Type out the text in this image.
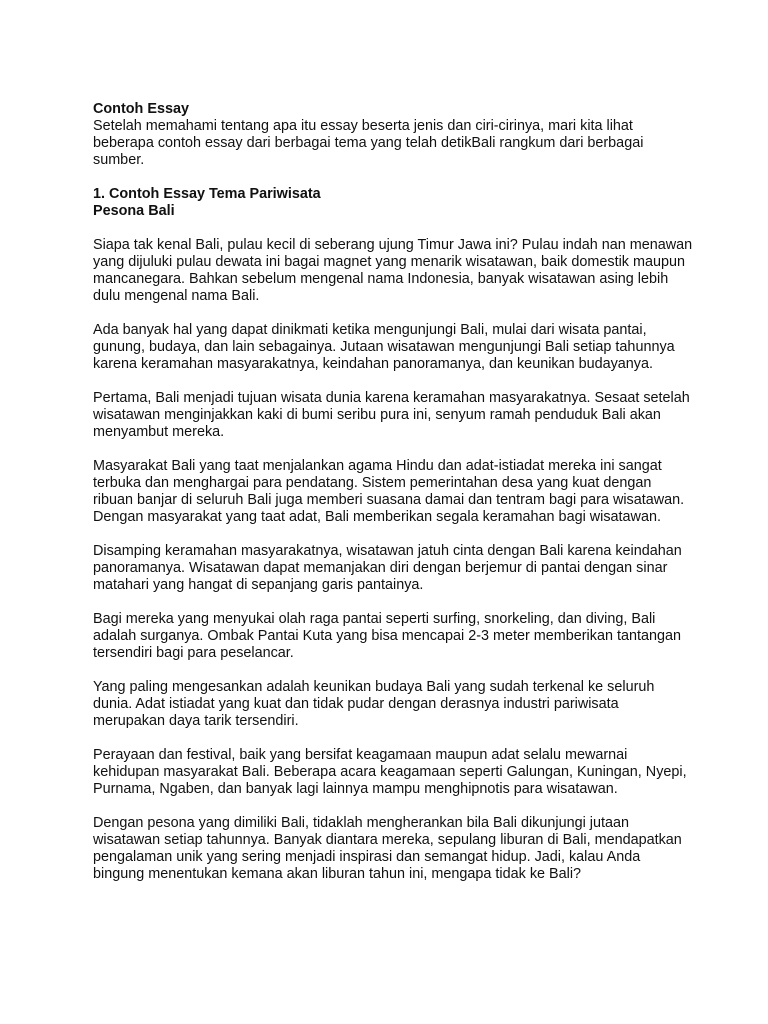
Contoh Essay

Setelah memahami tentang apa itu essay beserta jenis dan ciri-cirinya, mari kita lihat beberapa contoh essay dari berbagai tema yang telah detikBali rangkum dari berbagai sumber.

1. Contoh Essay Tema Pariwisata

Pesona Bali

Siapa tak kenal Bali, pulau kecil di seberang ujung Timur Jawa ini? Pulau indah nan menawan yang dijuluki pulau dewata ini bagai magnet yang menarik wisatawan, baik domestik maupun mancanegara. Bahkan sebelum mengenal nama Indonesia, banyak wisatawan asing lebih dulu mengenal nama Bali.

Ada banyak hal yang dapat dinikmati ketika mengunjungi Bali, mulai dari wisata pantai, gunung, budaya, dan lain sebagainya. Jutaan wisatawan mengunjungi Bali setiap tahunnya karena keramahan masyarakatnya, keindahan panoramanya, dan keunikan budayanya.

Pertama, Bali menjadi tujuan wisata dunia karena keramahan masyarakatnya. Sesaat setelah wisatawan menginjakkan kaki di bumi seribu pura ini, senyum ramah penduduk Bali akan menyambut mereka.

Masyarakat Bali yang taat menjalankan agama Hindu dan adat-istiadat mereka ini sangat terbuka dan menghargai para pendatang. Sistem pemerintahan desa yang kuat dengan ribuan banjar di seluruh Bali juga memberi suasana damai dan tentram bagi para wisatawan. Dengan masyarakat yang taat adat, Bali memberikan segala keramahan bagi wisatawan.

Disamping keramahan masyarakatnya, wisatawan jatuh cinta dengan Bali karena keindahan panoramanya. Wisatawan dapat memanjakan diri dengan berjemur di pantai dengan sinar matahari yang hangat di sepanjang garis pantainya.

Bagi mereka yang menyukai olah raga pantai seperti surfing, snorkeling, dan diving, Bali adalah surganya. Ombak Pantai Kuta yang bisa mencapai 2-3 meter memberikan tantangan tersendiri bagi para peselancar.

Yang paling mengesankan adalah keunikan budaya Bali yang sudah terkenal ke seluruh dunia. Adat istiadat yang kuat dan tidak pudar dengan derasnya industri pariwisata merupakan daya tarik tersendiri.

Perayaan dan festival, baik yang bersifat keagamaan maupun adat selalu mewarnai kehidupan masyarakat Bali. Beberapa acara keagamaan seperti Galungan, Kuningan, Nyepi, Purnama, Ngaben, dan banyak lagi lainnya mampu menghipnotis para wisatawan.

Dengan pesona yang dimiliki Bali, tidaklah mengherankan bila Bali dikunjungi jutaan wisatawan setiap tahunnya. Banyak diantara mereka, sepulang liburan di Bali, mendapatkan pengalaman unik yang sering menjadi inspirasi dan semangat hidup. Jadi, kalau Anda bingung menentukan kemana akan liburan tahun ini, mengapa tidak ke Bali?
